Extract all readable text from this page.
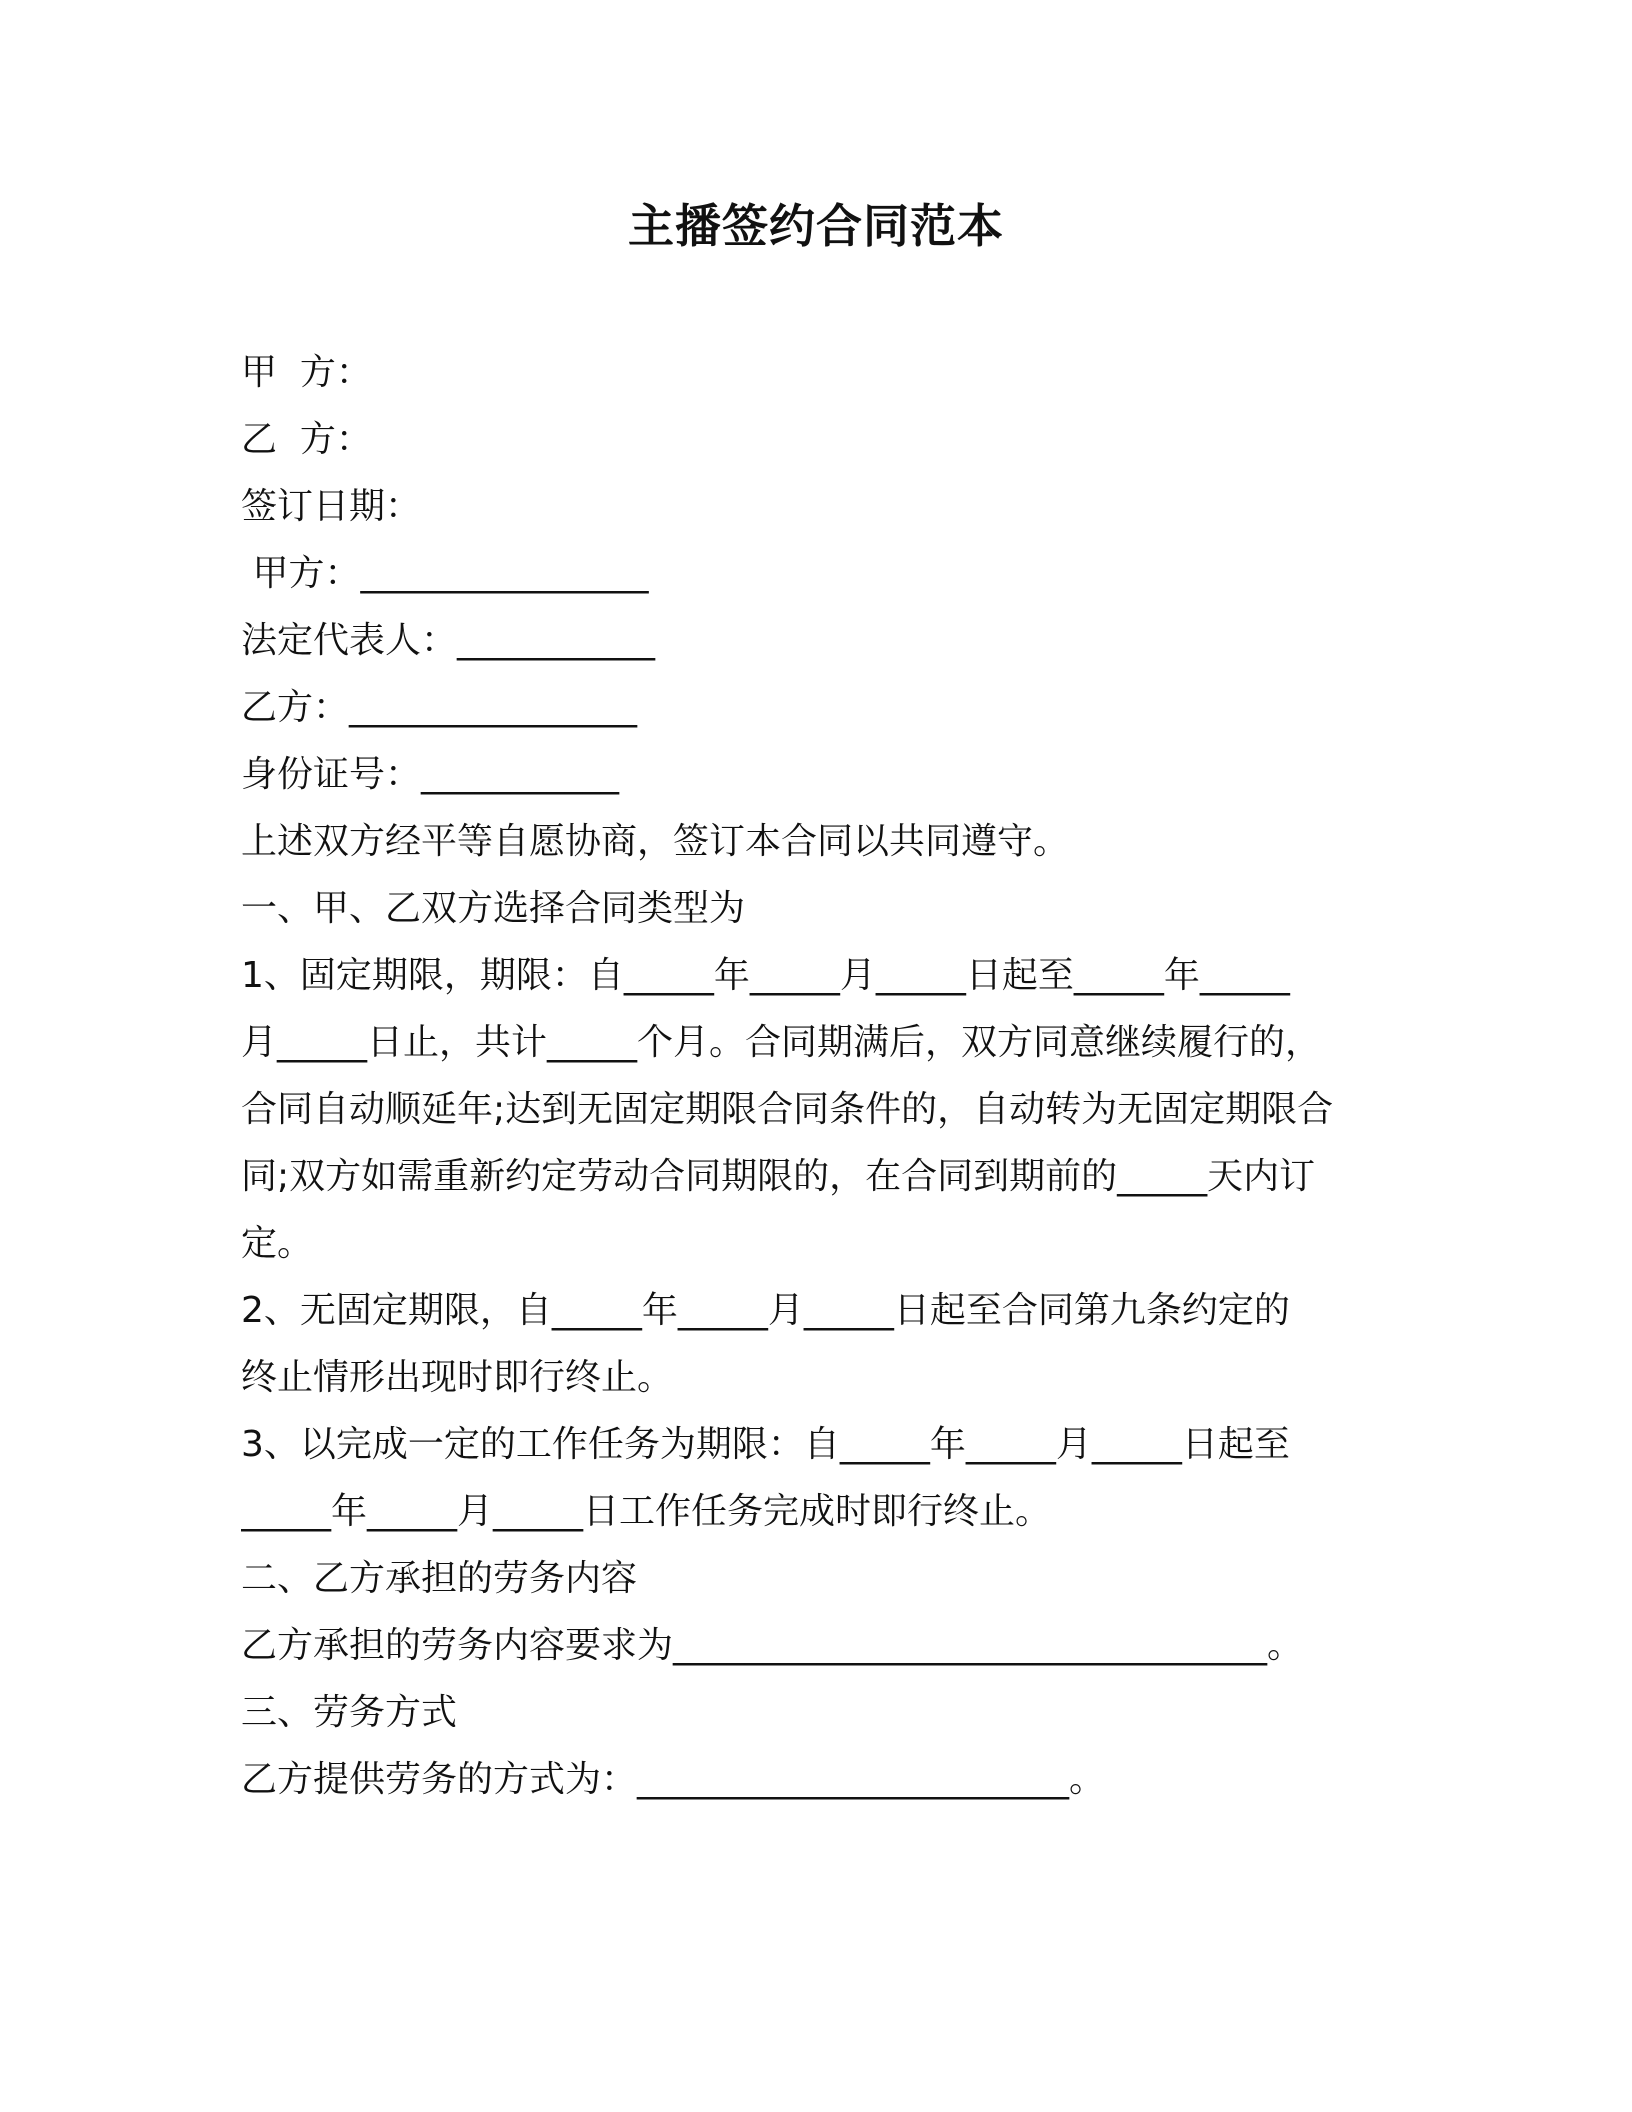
主播签约合同范本
甲  方：
乙  方：
签订日期：
甲方：________________
法定代表人：___________
乙方：________________
身份证号：___________
上述双方经平等自愿协商，签订本合同以共同遵守。
一、甲、乙双方选择合同类型为
1、固定期限，期限：自_____年_____月_____日起至_____年_____
月_____日止，共计_____个月。合同期满后，双方同意继续履行的，
合同自动顺延年;达到无固定期限合同条件的，自动转为无固定期限合
同;双方如需重新约定劳动合同期限的，在合同到期前的_____天内订
定。
2、无固定期限，自_____年_____月_____日起至合同第九条约定的
终止情形出现时即行终止。
3、以完成一定的工作任务为期限：自_____年_____月_____日起至
_____年_____月_____日工作任务完成时即行终止。
二、乙方承担的劳务内容
乙方承担的劳务内容要求为_________________________________。
三、劳务方式
乙方提供劳务的方式为：________________________。
